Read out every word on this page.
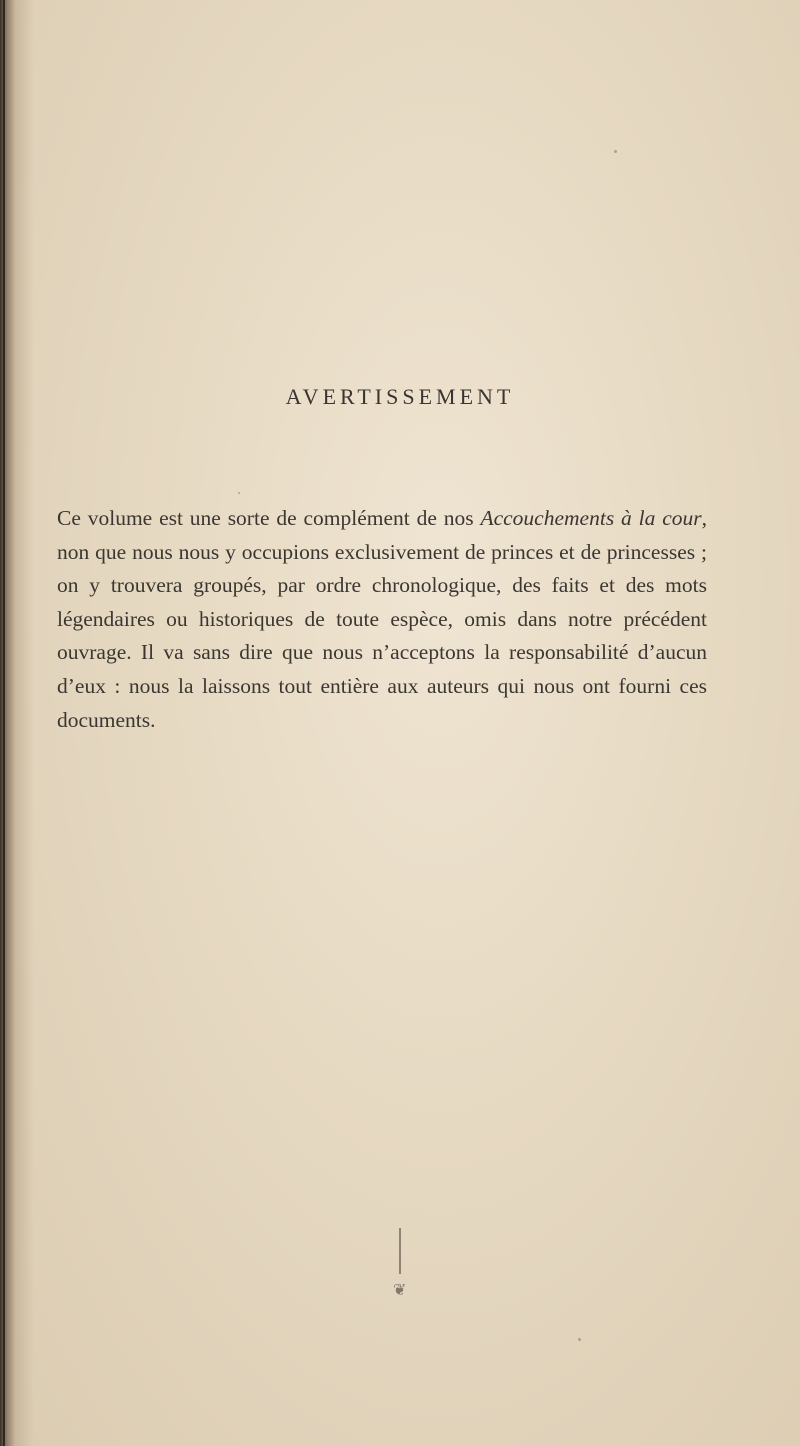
AVERTISSEMENT

Ce volume est une sorte de complément de nos Accouchements à la cour, non que nous nous y occupions exclusivement de princes et de princesses ; on y trouvera groupés, par ordre chronologique, des faits et des mots légendaires ou historiques de toute espèce, omis dans notre précédent ouvrage. Il va sans dire que nous n’acceptons la responsabilité d’aucun d’eux : nous la laissons tout entière aux auteurs qui nous ont fourni ces documents.

❦
